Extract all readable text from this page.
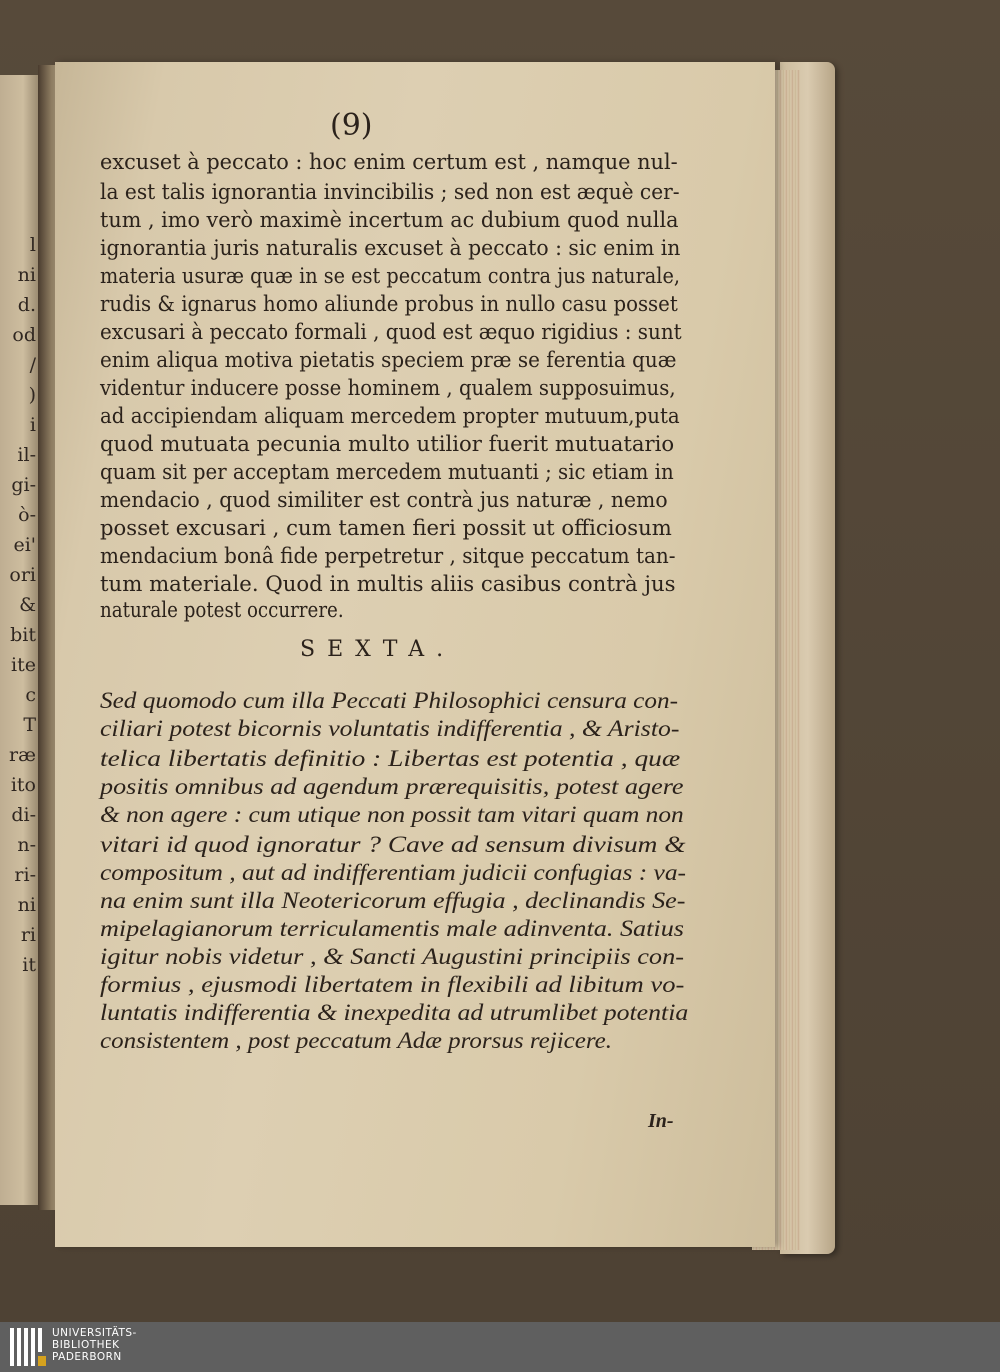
l
ni
d.
od
/
)
i
il-
gi-
ò-
ei'
ori
&
bit
ite
c
T
ræ
ito
di-
n-
ri-
ni
ri
it
(9)
excuset à peccato : hoc enim certum est , namque nul-
la est talis ignorantia invincibilis ; sed non est æquè cer-
tum , imo verò maximè incertum ac dubium quod nulla
ignorantia juris naturalis excuset à peccato : sic enim in
materia usuræ quæ in se est peccatum contra jus naturale,
rudis & ignarus homo aliunde probus in nullo casu posset
excusari à peccato formali , quod est æquo rigidius : sunt
enim aliqua motiva pietatis speciem præ se ferentia quæ
videntur inducere posse hominem , qualem supposuimus,
ad accipiendam aliquam mercedem propter mutuum,puta
quod mutuata pecunia multo utilior fuerit mutuatario
quam sit per acceptam mercedem mutuanti ; sic etiam in
mendacio , quod similiter est contrà jus naturæ , nemo
posset excusari , cum tamen fieri possit ut officiosum
mendacium bonâ fide perpetretur , sitque peccatum tan-
tum materiale. Quod in multis aliis casibus contrà jus
naturale potest occurrere.
SEXTA.
Sed quomodo cum illa Peccati Philosophici censura con-
ciliari potest bicornis voluntatis indifferentia , & Aristo-
telica libertatis definitio : Libertas est potentia , quæ
positis omnibus ad agendum prærequisitis, potest agere
& non agere : cum utique non possit tam vitari quam non
vitari id quod ignoratur ? Cave ad sensum divisum &
compositum , aut ad indifferentiam judicii confugias : va-
na enim sunt illa Neotericorum effugia , declinandis Se-
mipelagianorum terriculamentis male adinventa. Satius
igitur nobis videtur , & Sancti Augustini principiis con-
formius , ejusmodi libertatem in flexibili ad libitum vo-
luntatis indifferentia & inexpedita ad utrumlibet potentia
consistentem , post peccatum Adæ prorsus rejicere.
In-
UNIVERSITÄTS-
BIBLIOTHEK
PADERBORN
